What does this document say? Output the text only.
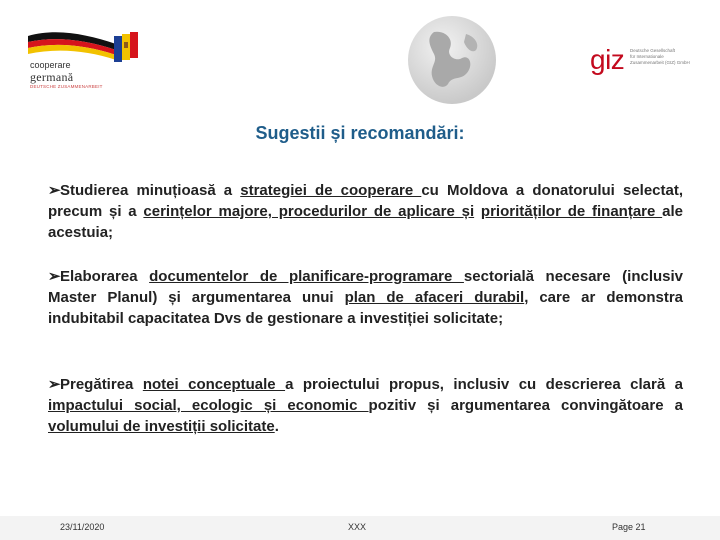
cooperare
germană
DEUTSCHE ZUSAMMENARBEIT
giz Deutsche Gesellschaft
für Internationale
Zusammenarbeit (GIZ) GmbH
Sugestii și recomandări:
➢Studierea minuțioasă a strategiei de cooperare cu Moldova a donatorului selectat, precum și a cerințelor majore, procedurilor de aplicare și priorităților de finanțare ale acestuia;
➢Elaborarea documentelor de planificare-programare sectorială necesare (inclusiv Master Planul) și argumentarea unui plan de afaceri durabil, care ar demonstra indubitabil capacitatea Dvs de gestionare a investiției solicitate;
➢Pregătirea notei conceptuale a proiectului propus, inclusiv cu descrierea clară a impactului social, ecologic și economic pozitiv și argumentarea convingătoare a volumului de investiții solicitate.
23/11/2020	XXX	Page 21
